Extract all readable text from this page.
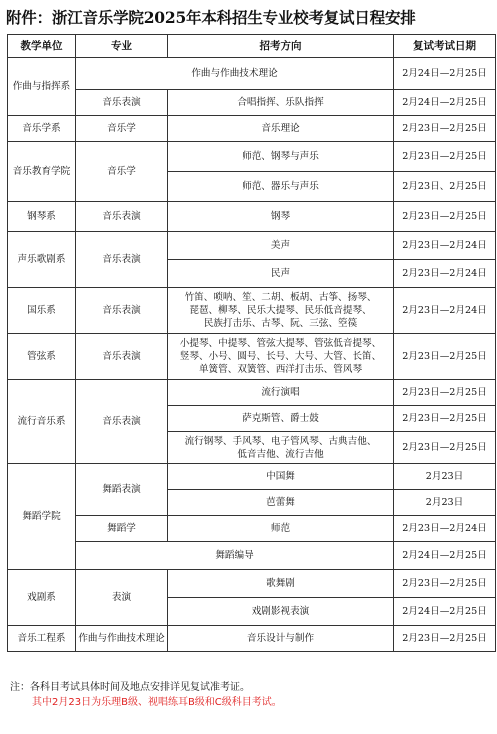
附件：浙江音乐学院2025年本科招生专业校考复试日程安排
教学单位	专业	招考方向	复试考试日期
作曲与指挥系	作曲与作曲技术理论		2月24日—2月25日
	音乐表演	合唱指挥、乐队指挥	2月24日—2月25日
音乐学系	音乐学	音乐理论	2月23日—2月25日
音乐教育学院	音乐学	师范、钢琴与声乐	2月23日—2月25日
		师范、器乐与声乐	2月23日、2月25日
钢琴系	音乐表演	钢琴	2月23日—2月25日
声乐歌剧系	音乐表演	美声	2月23日—2月24日
		民声	2月23日—2月24日
国乐系	音乐表演	竹笛、唢呐、笙、二胡、板胡、古筝、扬琴、
琵琶、柳琴、民乐大提琴、民乐低音提琴、
民族打击乐、古琴、阮、三弦、箜篌	2月23日—2月24日
管弦系	音乐表演	小提琴、中提琴、管弦大提琴、管弦低音提琴、
竖琴、小号、圆号、长号、大号、大管、长笛、
单簧管、双簧管、西洋打击乐、管风琴	2月23日—2月25日
流行音乐系	音乐表演	流行演唱	2月23日—2月25日
		萨克斯管、爵士鼓	2月23日—2月25日

		流行钢琴、手风琴、电子管风琴、古典吉他、
低音吉他、流行吉他	2月23日—2月25日
舞蹈学院	舞蹈表演	中国舞	2月23日
		芭蕾舞	2月23日
	舞蹈学	师范	2月23日—2月24日
	舞蹈编导		2月24日—2月25日
戏剧系	表演	歌舞剧	2月23日—2月25日
		戏剧影视表演	2月24日—2月25日
音乐工程系	作曲与作曲技术理论	音乐设计与制作	2月23日—2月25日
注：各科目考试具体时间及地点安排详见复试准考证。
其中2月23日为乐理B级、视唱练耳B级和C级科目考试。
